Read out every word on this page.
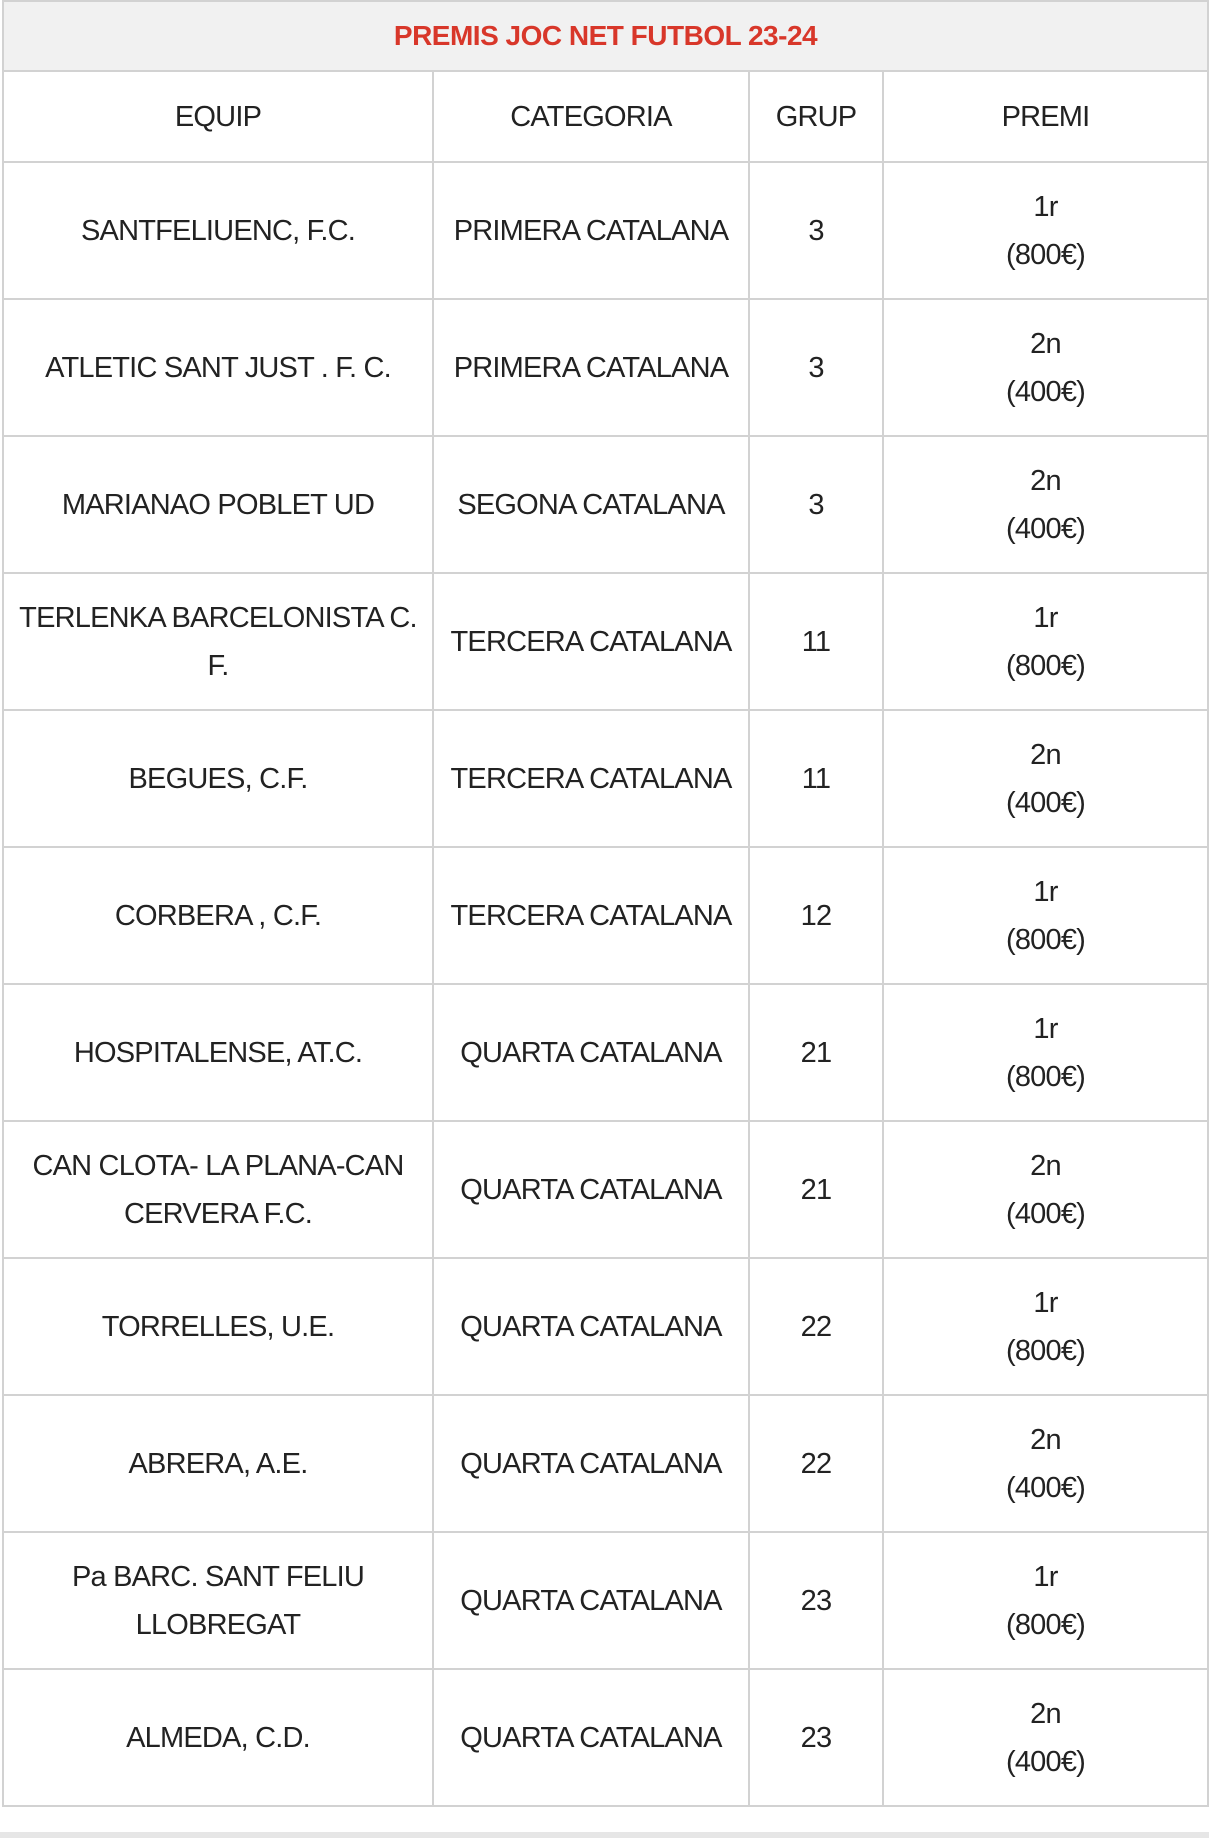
PREMIS JOC NET FUTBOL 23-24			
EQUIP	CATEGORIA	GRUP	PREMI
SANTFELIUENC, F.C.	PRIMERA CATALANA	3	1r
(800€)

ATLETIC SANT JUST . F. C.	PRIMERA CATALANA	3	2n
(400€)

MARIANAO POBLET UD	SEGONA CATALANA	3	2n
(400€)

TERLENKA BARCELONISTA C. F.	TERCERA CATALANA	11	1r
(800€)

BEGUES, C.F.	TERCERA CATALANA	11	2n
(400€)

CORBERA , C.F.	TERCERA CATALANA	12	1r
(800€)

HOSPITALENSE, AT.C.	QUARTA CATALANA	21	1r
(800€)

CAN CLOTA- LA PLANA-CAN CERVERA F.C.	QUARTA CATALANA	21	2n
(400€)

TORRELLES, U.E.	QUARTA CATALANA	22	1r
(800€)

ABRERA, A.E.	QUARTA CATALANA	22	2n
(400€)

Pa BARC. SANT FELIU LLOBREGAT	QUARTA CATALANA	23	1r
(800€)

ALMEDA, C.D.	QUARTA CATALANA	23	2n
(400€)
